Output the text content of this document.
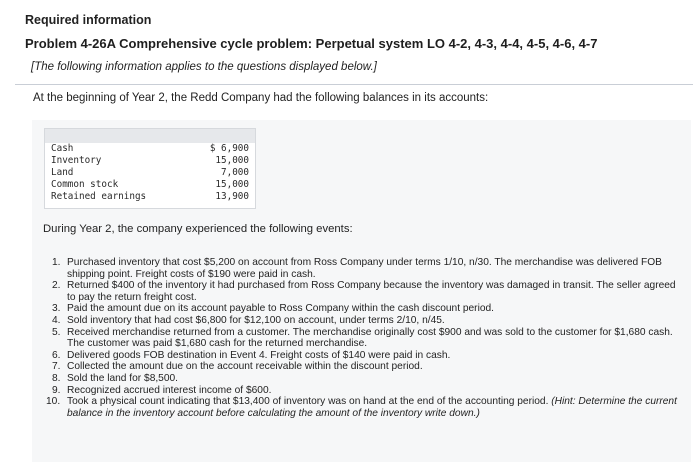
Required information
Problem 4-26A Comprehensive cycle problem: Perpetual system LO 4-2, 4-3, 4-4, 4-5, 4-6, 4-7
[The following information applies to the questions displayed below.]
At the beginning of Year 2, the Redd Company had the following balances in its accounts:
Cash	$ 6,900
Inventory	15,000
Land	7,000
Common stock	15,000
Retained earnings	13,900
During Year 2, the company experienced the following events:
1. Purchased inventory that cost $5,200 on account from Ross Company under terms 1/10, n/30. The merchandise was delivered FOB shipping point. Freight costs of $190 were paid in cash.
2. Returned $400 of the inventory it had purchased from Ross Company because the inventory was damaged in transit. The seller agreed to pay the return freight cost.
3. Paid the amount due on its account payable to Ross Company within the cash discount period.
4. Sold inventory that had cost $6,800 for $12,100 on account, under terms 2/10, n/45.
5. Received merchandise returned from a customer. The merchandise originally cost $900 and was sold to the customer for $1,680 cash. The customer was paid $1,680 cash for the returned merchandise.
6. Delivered goods FOB destination in Event 4. Freight costs of $140 were paid in cash.
7. Collected the amount due on the account receivable within the discount period.
8. Sold the land for $8,500.
9. Recognized accrued interest income of $600.
10. Took a physical count indicating that $13,400 of inventory was on hand at the end of the accounting period. (Hint: Determine the current balance in the inventory account before calculating the amount of the inventory write down.)
